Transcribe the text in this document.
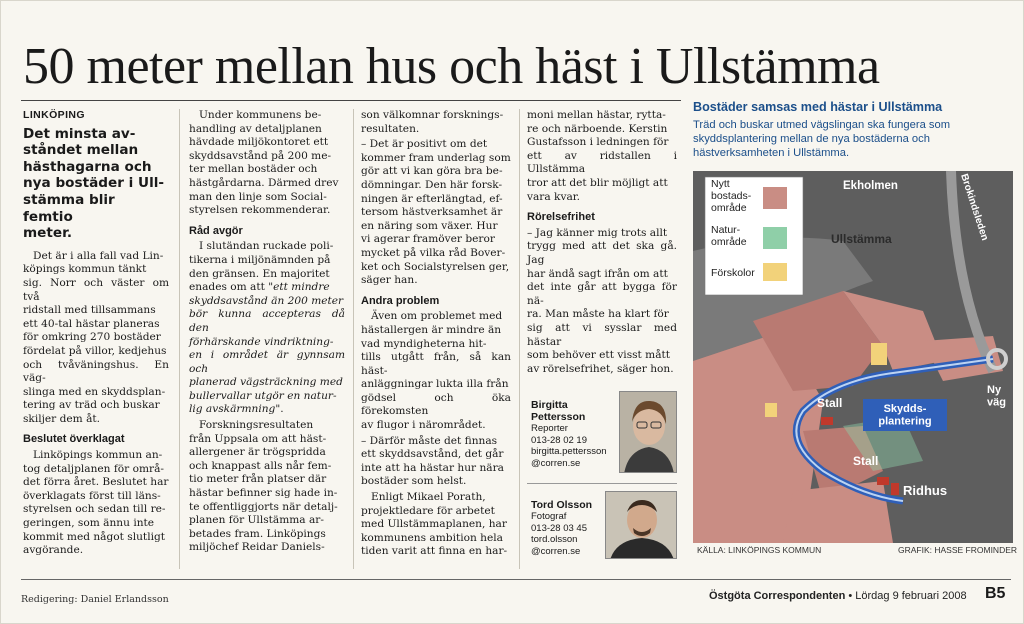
50 meter mellan hus och häst i Ullstämma
LINKÖPING
Det minsta av-
ståndet mellan
hästhagarna och
nya bostäder i Ull-
stämma blir femtio
meter.

Det är i alla fall vad Lin-
köpings kommun tänkt
sig. Norr och väster om två
ridstall med tillsammans
ett 40-tal hästar planeras
för omkring 270 bostäder
fördelat på villor, kedjehus
och tvåväningshus. En väg-
slinga med en skyddsplan-
tering av träd och buskar
skiljer dem åt.

Beslutet överklagat

Linköpings kommun an-
tog detaljplanen för områ-
det förra året. Beslutet har
överklagats först till läns-
styrelsen och sedan till re-
geringen, som ännu inte
kommit med något slutligt
avgörande.

Under kommunens be-
handling av detaljplanen
hävdade miljökontoret ett
skyddsavstånd på 200 me-
ter mellan bostäder och
hästgårdarna. Därmed drev
man den linje som Social-
styrelsen rekommenderar.

Råd avgör

I slutändan ruckade poli-
tikerna i miljönämnden på
den gränsen. En majoritet
enades om att "ett mindre
skyddsavstånd än 200 meter
bör kunna accepteras då den
förhärskande vindriktning-
en i området är gynnsam och
planerad vägsträckning med
bullervallar utgör en natur-
lig avskärmning".

Forskningsresultaten
från Uppsala om att häst-
allergener är trögspridda
och knappast alls når fem-
tio meter från platser där
hästar befinner sig hade in-
te offentliggjorts när detalj-
planen för Ullstämma ar-
betades fram. Linköpings
miljöchef Reidar Daniels-

son välkomnar forsknings-
resultaten.

– Det är positivt om det
kommer fram underlag som
gör att vi kan göra bra be-
dömningar. Den här forsk-
ningen är efterlängtad, ef-
tersom hästverksamhet är
en näring som växer. Hur
vi agerar framöver beror
mycket på vilka råd Bover-
ket och Socialstyrelsen ger,
säger han.

Andra problem

Även om problemet med
hästallergen är mindre än
vad myndigheterna hit-
tills utgått från, så kan häst-
anläggningar lukta illa från
gödsel och öka förekomsten
av flugor i närområdet.

– Därför måste det finnas
ett skyddsavstånd, det går
inte att ha hästar hur nära
bostäder som helst.

Enligt Mikael Porath,
projektledare för arbetet
med Ullstämmaplanen, har
kommunens ambition hela
tiden varit att finna en har-

moni mellan hästar, rytta-
re och närboende. Kerstin
Gustafsson i ledningen för
ett av ridstallen i Ullstämma
tror att det blir möjligt att
vara kvar.

Rörelsefrihet

– Jag känner mig trots allt
trygg med att det ska gå. Jag
har ändå sagt ifrån om att
det inte går att bygga för nä-
ra. Man måste ha klart för
sig att vi sysslar med hästar
som behöver ett visst mått
av rörelsefrihet, säger hon.

Birgitta
Pettersson
Reporter
013-28 02 19
birgitta.pettersson
@corren.se
Tord Olsson
Fotograf
013-28 03 45
tord.olsson
@corren.se
Bostäder samsas med hästar i Ullstämma
Träd och buskar utmed vägslingan ska fungera som
skyddsplantering mellan de nya bostäderna och
hästverksamheten i Ullstämma.
Nytt bostads-område
Natur-område
Förskolor
Ekholmen	Brokindsleden
Ullstämma
Stall
Stall
Ridhus
Ny väg
Skydds-plantering
KÄLLA: LINKÖPINGS KOMMUN	GRAFIK: HASSE FROMINDER
Redigering: Daniel Erlandsson	Östgöta Correspondenten • Lördag 9 februari 2008 B5
